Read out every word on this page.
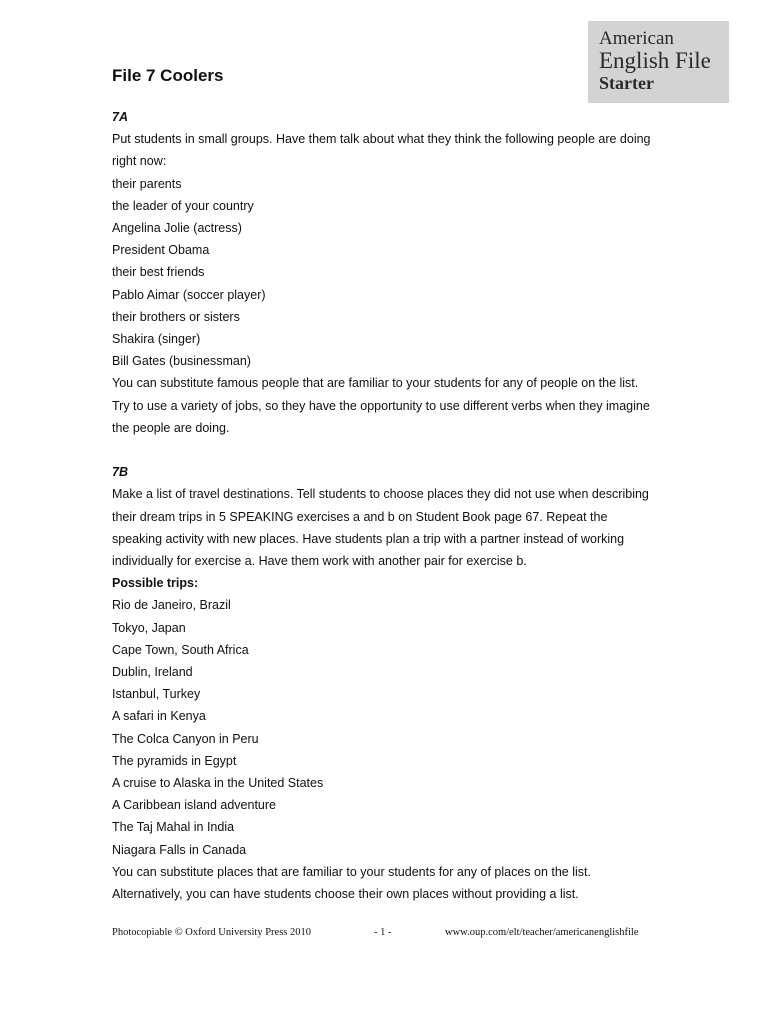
American
English File
Starter
File 7 Coolers
7A
Put students in small groups. Have them talk about what they think the following people are doing
right now:
their parents
the leader of your country
Angelina Jolie (actress)
President Obama
their best friends
Pablo Aimar (soccer player)
their brothers or sisters
Shakira (singer)
Bill Gates (businessman)
You can substitute famous people that are familiar to your students for any of people on the list.
Try to use a variety of jobs, so they have the opportunity to use different verbs when they imagine
the people are doing.
7B
Make a list of travel destinations. Tell students to choose places they did not use when describing
their dream trips in 5 SPEAKING exercises a and b on Student Book page 67. Repeat the
speaking activity with new places. Have students plan a trip with a partner instead of working
individually for exercise a. Have them work with another pair for exercise b.
Possible trips:
Rio de Janeiro, Brazil
Tokyo, Japan
Cape Town, South Africa
Dublin, Ireland
Istanbul, Turkey
A safari in Kenya
The Colca Canyon in Peru
The pyramids in Egypt
A cruise to Alaska in the United States
A Caribbean island adventure
The Taj Mahal in India
Niagara Falls in Canada
You can substitute places that are familiar to your students for any of places on the list.
Alternatively, you can have students choose their own places without providing a list.
Photocopiable © Oxford University Press 2010	- 1 -	www.oup.com/elt/teacher/americanenglishfile
